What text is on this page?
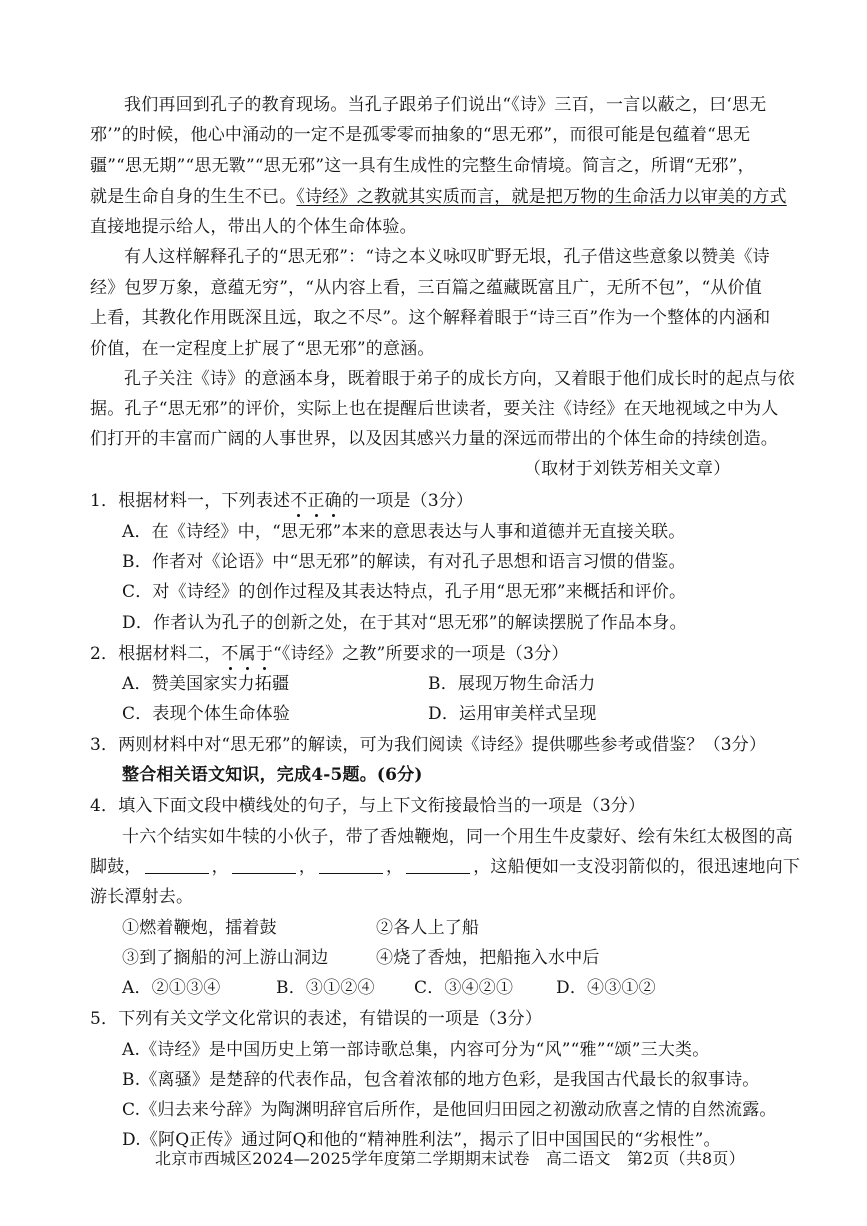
我们再回到孔子的教育现场。当孔子跟弟子们说出“《诗》三百，一言以蔽之，曰‘思无
邪’”的时候，他心中涌动的一定不是孤零零而抽象的“思无邪”，而很可能是包蕴着“思无
疆”“思无期”“思无斁”“思无邪”这一具有生成性的完整生命情境。简言之，所谓“无邪”，
就是生命自身的生生不已。《诗经》之教就其实质而言，就是把万物的生命活力以审美的方式
直接地提示给人，带出人的个体生命体验。
有人这样解释孔子的“思无邪”：“诗之本义咏叹旷野无垠，孔子借这些意象以赞美《诗
经》包罗万象，意蕴无穷”，“从内容上看，三百篇之蕴藏既富且广，无所不包”，“从价值
上看，其教化作用既深且远，取之不尽”。这个解释着眼于“诗三百”作为一个整体的内涵和
价值，在一定程度上扩展了“思无邪”的意涵。
孔子关注《诗》的意涵本身，既着眼于弟子的成长方向，又着眼于他们成长时的起点与依
据。孔子“思无邪”的评价，实际上也在提醒后世读者，要关注《诗经》在天地视域之中为人
们打开的丰富而广阔的人事世界，以及因其感兴力量的深远而带出的个体生命的持续创造。
（取材于刘铁芳相关文章）
1．根据材料一，下列表述不正确的一项是（3分）
A．在《诗经》中，“思无邪”本来的意思表达与人事和道德并无直接关联。
B．作者对《论语》中“思无邪”的解读，有对孔子思想和语言习惯的借鉴。
C．对《诗经》的创作过程及其表达特点，孔子用“思无邪”来概括和评价。
D．作者认为孔子的创新之处，在于其对“思无邪”的解读摆脱了作品本身。
2．根据材料二，不属于“《诗经》之教”所要求的一项是（3分）
A．赞美国家实力拓疆	B．展现万物生命活力
C．表现个体生命体验	D．运用审美样式呈现
3．两则材料中对“思无邪”的解读，可为我们阅读《诗经》提供哪些参考或借鉴？（3分）
整合相关语文知识，完成4-5题。(6分)
4．填入下面文段中横线处的句子，与上下文衔接最恰当的一项是（3分）
十六个结实如牛犊的小伙子，带了香烛鞭炮，同一个用生牛皮蒙好、绘有朱红太极图的高
脚鼓，	，	，	，	，这船便如一支没羽箭似的，很迅速地向下
游长潭射去。
①燃着鞭炮，擂着鼓	②各人上了船
③到了搁船的河上游山洞边	④烧了香烛，把船拖入水中后
A．②①③④	B．③①②④ C．③④②①	D．④③①②
5．下列有关文学文化常识的表述，有错误的一项是（3分）
A.《诗经》是中国历史上第一部诗歌总集，内容可分为“风”“雅”“颂”三大类。
B.《离骚》是楚辞的代表作品，包含着浓郁的地方色彩，是我国古代最长的叙事诗。
C.《归去来兮辞》为陶渊明辞官后所作，是他回归田园之初激动欣喜之情的自然流露。
D.《阿Q正传》通过阿Q和他的“精神胜利法”，揭示了旧中国国民的“劣根性”。
北京市西城区2024—2025学年度第二学期期末试卷　高二语文　第2页（共8页）
